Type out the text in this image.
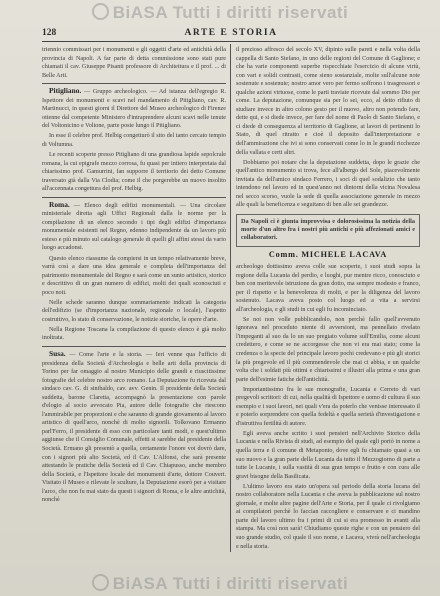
BiASA Tutti i diritti riservati
128	ARTE E STORIA

triennio commissari per i monumenti e gli oggetti d'arte ed antichità della provincia di Napoli. A far parte di detta commissione sono stati pure chiamati il cav. Giuseppe Pisanti professore di Architettura e il prof. ... di Belle Arti.

Pitigliano. — Gruppo archeologico. — Ad istanza dell'egregio R. Ispettore dei monumenti e scavi nel mandamento di Pitigliano, cav. R. Martinucci, in questi giorni il Direttore del Museo archeologico di Firenze ottenne dal competente Ministero d'intraprendere alcuni scavi nelle tenute del Voltonicino e Voltone, parte poste lungo il Pitigliano.

In esse il celebre prof. Helbig congetturò il sito del tanto cercato tempio di Voltumna.

Le recenti scoperte presso Pitigliano di una grandiosa lapide sepolcrale romana, la cui epigrafe mezzo corrosa, fu quasi per intiero interpretata dal chiarissimo prof. Gamurrini, fan supporre il territorio dei detto Comune traversato già dalla Via Clodia; come il che porgerebbe un nuovo insolito all'accennata congettura del prof. Helbig.

Roma. — Elenco degli edifizi monumentali. — Una circolare ministeriale diretta agli Uffici Regionali dalla le norme per la compilazione di un elenco secondo i tipi degli edifizi d'importanza monumentale esistenti nel Regno, edenno indipendente da un lavoro più esteso e più minuto sul catalogo generale di quelli gli affini stessi da vario luogo accadonsi.

Questo elenco riassume da compiersi in un tempo relativamente breve, varrà così a dare una idea generale e completa dell'importanza del patrimonio monumentale del Regno e sarà come un sunto artistico, storico e descrittivo di un gran numero di edifizi, molti dei quali sconosciuti e poco noti.

Nelle schede saranno dunque sommariamente indicati la categoria dell'edifizio (se d'importanza nazionale, regionale o locale), l'aspetto costruttivo, lo stato di conservazione, le notizie storiche, le opere d'arte.

Nella Regione Toscana la compilazione di questo elenco è già molto inoltrata.

Susa. — Come l'arte e la storia. — Ieri venne qua l'ufficio di presidenza della Società d'Archeologia e belle arti della provincia di Torino per far omaggio al nostro Municipio delle grandi e riuscitissime fotografie del celebre nostro arco romano. La Deputazione fu ricevuta dal sindaco cav. G. di sinibaldo, cav. avv. Genin. Il presidente della Società suddetta, barone Claretta, accompagnò la presentazione con parole d'elogio al socio avvocato Pia, autore delle fotografie che riescono l'ammirabile per proporzioni e che saranno di grande giovamento al lavoro artistico di quell'arco, nonchè di molto signorili. Tolkovano Ermanno parl'Ferro, il presidente di esso con particolare tanti modi, e quest'ultimo aggiunse che il Consiglio Comunale, effetti si sarebbe dal presidente della Società. Ermano gli presentò a quella, certamente l'onore voi dovrò dare, con i signori più alto Società, ed il Cav. L'Alfonsi, che sarà presente attestando le pratiche della Società ed il Cav. Chiapusso, anche membro della Società, e l'Ispettore locale dei monumenti d'arte, dottore Couvert. Visitato il Museo e rilevate le sculture, la Deputazione esorò per a visitare l'arco, che non fu mai stato da questi i signori di Roma, e le altre antichità, nonchè

il prezioso affresco del secolo XV, dipinto sulle pareti e nella volta della cappella di Santo Stefano, in uno delle regioni del Comune di Gaglione; e che ha varie componenti superbe rispecchiate l'esercizio di alcune virtù, con vari e solidi contrasti, come sieno sostanziale, molte sull'alcune note sostenute e sostenute; nostro amor vero per fermo soffrono i trasgressori e qualche azioni virtuose, come le parti traviate ricevute dal sommo Dio per come. La deputazione, comunque sia per lo sei, ecco, al detto rifiuto di studiare invece in altro colono gesto per il nuovo, altro non potendo fare, dette qui, e si diede invece, per fare del nome di Paolo di Santo Stefano, e ci diede di conseguenza al territorio di Gaglione, ai lavori di pertinenti lo Stato, di quel ritratto e cioè il deposito dall'interpretazione e dell'ammirazione che ivi si sono conservati come lo in le grandi ricchezze della vallata e certi altri.

Dobbiamo poi notare che la deputazione suddetta, dopo le grazie che quell'antico monumento si trova, fece all'albergo del Sole, piacevolmente invitata da dell'amico sindaco Ferrero, i soci di quel sodalizio che tanto intendono nel lavoro ed in quest'anno nei dintorni della vicina Novalesa nel secco scorso, vuole la sede di quella associazione generale in mezzo alle quali la beneficenza e seguitano di ben alle sei grandezze.

Da Napoli ci è giunta improvvisa e dolorosissima la notizia della morte d'un altro fra i nostri più antichi e più affezionati amici e collaboratori.
Comm. MICHELE LACAVA

archeologo dottissimo aveva colle sue scoperte, i suoi studi sopra la regione della Lucania del perdio, e luoghi, pur mentre ricco, conosciuto e ben con meritevole istruzione da gran dotto, ma sempre modesto e franco, per il rispetto e la benevolenza di molti, e per la diligenza del lavoro sostenuto. Lacava aveva posto col luogo ed a vita a servirsi all'archeologia, e gli studi in cui egli fu incominciato.

Se noi non volle pubblicandolo, non perchè fallo quell'avvenuto ignorava nel proceduto niente di avversioni, ma pennellato rivelato l'impeganti al suo da lo un suo pregiato volume sull'Emilia, come alcuni credettero, e come se ne accorgesse che non vi era mai stato; come la credenza o la specie del principale lavoro pochi credevano e più gli storici la più pregevole ed il più commendevole che mai ci abbia, e un qualche volta che i soldati più ottimi e chiarissimi e illustri alla prima e una gran parte dell'esimie fatiche dell'antichità.

Importantissimo fra le sue monografie, Lucania e Cerreto di vari pregevoli scrittori: di cui, nella qualità di Ispettore e uomo di cultura il suo esempio e i suoi lavori, nei quali v'era da poterlo che venisse interessato il e poterlo sorprendere con quella fedeltà e quella serietà d'investigazione e d'istruttiva fertilità di autore.

Egli aveva anche scritto i suoi pensieri nell'Archivio Storico della Lucania e nella Rivista di studi, ad esempio del quale egli portò in nome a quella terra e il comune di Metaponto, dove egli fu chiamato quasi a un suo nuovo e la gran parte della Lucania da tutto il Mezzogiorno di parte a tutte le Lucanie, i sulla vastità di sua gran tempo e frutto e con cura alle gravi bisogne della Basilicata.

L'ultimo lavoro era stato un'opera sul periodo della storia lucana del nostro collaboratore nella Lucania e che aveva la pubblicazione sul nostro giornale, e molte altre pagine dell'Arte e Storia, per il quale ci rivolgiamo ai compilatori perchè lo faccian raccogliere e conservare e ci mandino parte del lavoro ultimo fra i primi di cui si era promesso in avanti alla stampa. Ma così non sarà! Chiudiamo queste righe e con un pensiero del suo grande studio, col quale il suo nome, e Lacava, vivrà nell'archeologia e nella storia.

BiASA Tutti i diritti riservati
